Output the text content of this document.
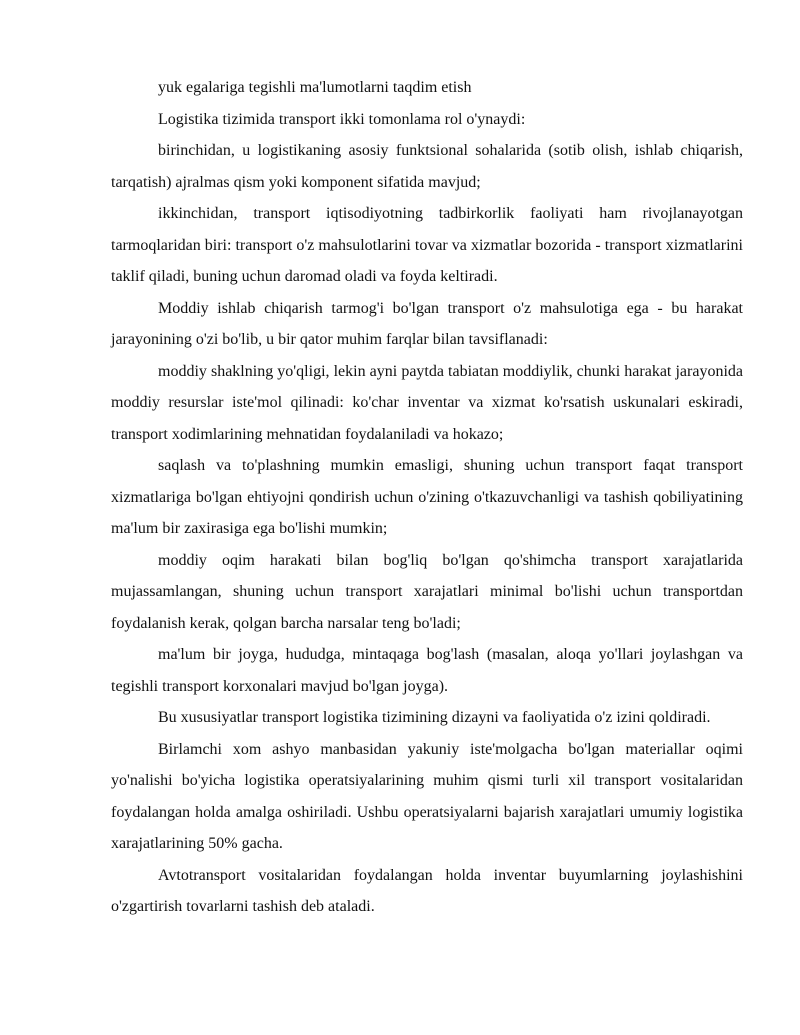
yuk egalariga tegishli ma'lumotlarni taqdim etish

Logistika tizimida transport ikki tomonlama rol o'ynaydi:

birinchidan, u logistikaning asosiy funktsional sohalarida (sotib olish, ishlab chiqarish, tarqatish) ajralmas qism yoki komponent sifatida mavjud;

ikkinchidan, transport iqtisodiyotning tadbirkorlik faoliyati ham rivojlanayotgan tarmoqlaridan biri: transport o'z mahsulotlarini tovar va xizmatlar bozorida - transport xizmatlarini taklif qiladi, buning uchun daromad oladi va foyda keltiradi.

Moddiy ishlab chiqarish tarmog'i bo'lgan transport o'z mahsulotiga ega - bu harakat jarayonining o'zi bo'lib, u bir qator muhim farqlar bilan tavsiflanadi:

moddiy shaklning yo'qligi, lekin ayni paytda tabiatan moddiylik, chunki harakat jarayonida moddiy resurslar iste'mol qilinadi: ko'char inventar va xizmat ko'rsatish uskunalari eskiradi, transport xodimlarining mehnatidan foydalaniladi va hokazo;

saqlash va to'plashning mumkin emasligi, shuning uchun transport faqat transport xizmatlariga bo'lgan ehtiyojni qondirish uchun o'zining o'tkazuvchanligi va tashish qobiliyatining ma'lum bir zaxirasiga ega bo'lishi mumkin;

moddiy oqim harakati bilan bog'liq bo'lgan qo'shimcha transport xarajatlarida mujassamlangan, shuning uchun transport xarajatlari minimal bo'lishi uchun transportdan foydalanish kerak, qolgan barcha narsalar teng bo'ladi;

ma'lum bir joyga, hududga, mintaqaga bog'lash (masalan, aloqa yo'llari joylashgan va tegishli transport korxonalari mavjud bo'lgan joyga).

Bu xususiyatlar transport logistika tizimining dizayni va faoliyatida o'z izini qoldiradi.

Birlamchi xom ashyo manbasidan yakuniy iste'molgacha bo'lgan materiallar oqimi yo'nalishi bo'yicha logistika operatsiyalarining muhim qismi turli xil transport vositalaridan foydalangan holda amalga oshiriladi. Ushbu operatsiyalarni bajarish xarajatlari umumiy logistika xarajatlarining 50% gacha.

Avtotransport vositalaridan foydalangan holda inventar buyumlarning joylashishini o'zgartirish tovarlarni tashish deb ataladi.
